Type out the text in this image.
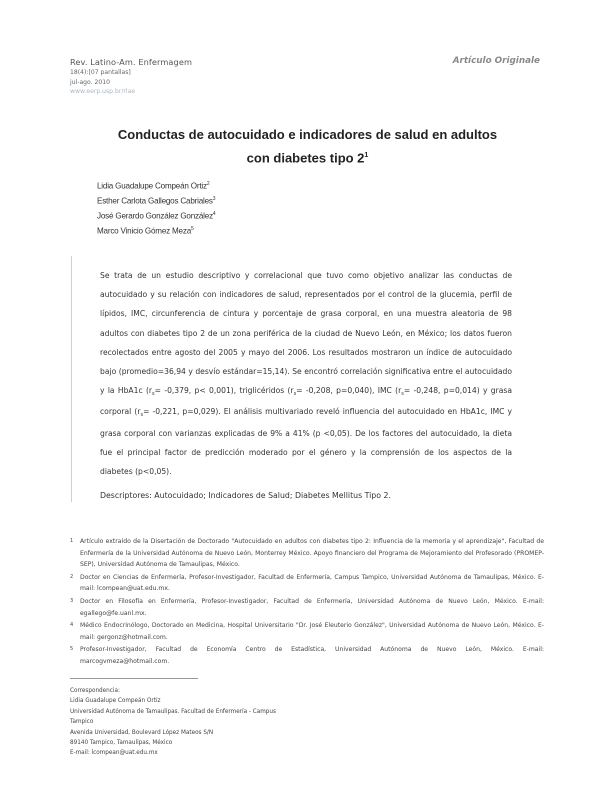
Rev. Latino-Am. Enfermagem
18(4):[07 pantallas]
jul-ago. 2010
www.eerp.usp.br/rlae
Artículo Originale
Conductas de autocuidado e indicadores de salud en adultos
con diabetes tipo $2^1$
Lidia Guadalupe Compeán Ortiz$^2$
Esther Carlota Gallegos Cabriales$^3$
José Gerardo González González$^4$
Marco Vinicio Gómez Meza$^5$
Se trata de un estudio descriptivo y correlacional que tuvo como objetivo analizar las conductas de autocuidado y su relación con indicadores de salud, representados por el control de la glucemia, perfil de lípidos, IMC, circunferencia de cintura y porcentaje de grasa corporal, en una muestra aleatoria de 98 adultos con diabetes tipo 2 de un zona periférica de la ciudad de Nuevo León, en México; los datos fueron recolectados entre agosto del 2005 y mayo del 2006. Los resultados mostraron un índice de autocuidado bajo (promedio=36,94 y desvío estándar=15,14). Se encontró correlación significativa entre el autocuidado y la HbA1c ($r_s= -0,379$, p< 0,001), triglicéridos ($r_s= -0,208$, p=0,040), IMC ($r_s= -0,248$, p=0,014) y grasa corporal ($r_s= -0,221$, p=0,029). El análisis multivariado reveló influencia del autocuidado en HbA1c, IMC y grasa corporal con varianzas explicadas de 9% a 41% (p <0,05). De los factores del autocuidado, la dieta fue el principal factor de predicción moderado por el género y la comprensión de los aspectos de la diabetes (p<0,05).
Descriptores: Autocuidado; Indicadores de Salud; Diabetes Mellitus Tipo 2.
1 Artículo extraído de la Disertación de Doctorado "Autocuidado en adultos con diabetes tipo 2: Influencia de la memoria y el aprendizaje", Facultad de Enfermería de la Universidad Autónoma de Nuevo León, Monterrey México. Apoyo financiero del Programa de Mejoramiento del Profesorado (PROMEP-SEP), Universidad Autónoma de Tamaulipas, México.
2 Doctor en Ciencias de Enfermería, Profesor-Investigador, Facultad de Enfermería, Campus Tampico, Universidad Autónoma de Tamaulipas, México. E-mail: lcompean@uat.edu.mx.
3 Doctor en Filosofía en Enfermería, Profesor-Investigador, Facultad de Enfermería, Universidad Autónoma de Nuevo León, México. E-mail: egallego@fe.uanl.mx.
4 Médico Endocrinólogo, Doctorado en Medicina, Hospital Universitario "Dr. José Eleuterio González", Universidad Autónoma de Nuevo León, México. E-mail: gergonz@hotmail.com.
5 Profesor-Investigador, Facultad de Economía Centro de Estadística, Universidad Autónoma de Nuevo León, México. E-mail: marcogvmeza@hotmail.com.
Correspondencia:
Lidia Guadalupe Compeán Ortiz
Universidad Autónoma de Tamaulipas. Facultad de Enfermería - Campus
Tampico
Avenida Universidad, Boulevard López Mateos S/N
89140 Tampico, Tamaulipas, México
E-mail: lcompean@uat.edu.mx
